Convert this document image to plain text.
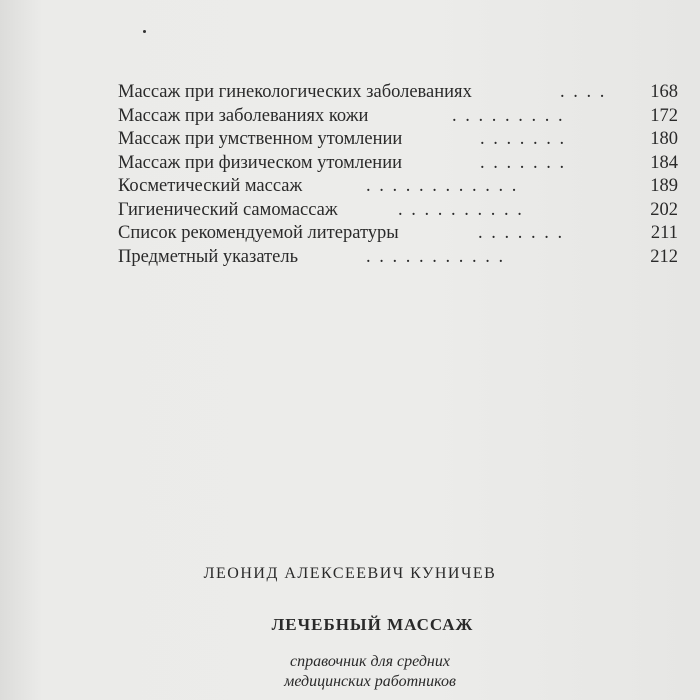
Массаж при гинекологических заболеваниях	. . . .	168
Массаж при заболеваниях кожи	. . . . . . . . .	172
Массаж при умственном утомлении	. . . . . . .	180
Массаж при физическом утомлении	. . . . . . .	184
Косметический массаж	. . . . . . . . . . . .	189
Гигиенический самомассаж	. . . . . . . . . .	202
Список рекомендуемой литературы	. . . . . . .	211
Предметный указатель	. . . . . . . . . . .	212
ЛЕОНИД АЛЕКСЕЕВИЧ КУНИЧЕВ
ЛЕЧЕБНЫЙ МАССАЖ
справочник для средних
медицинских работников
